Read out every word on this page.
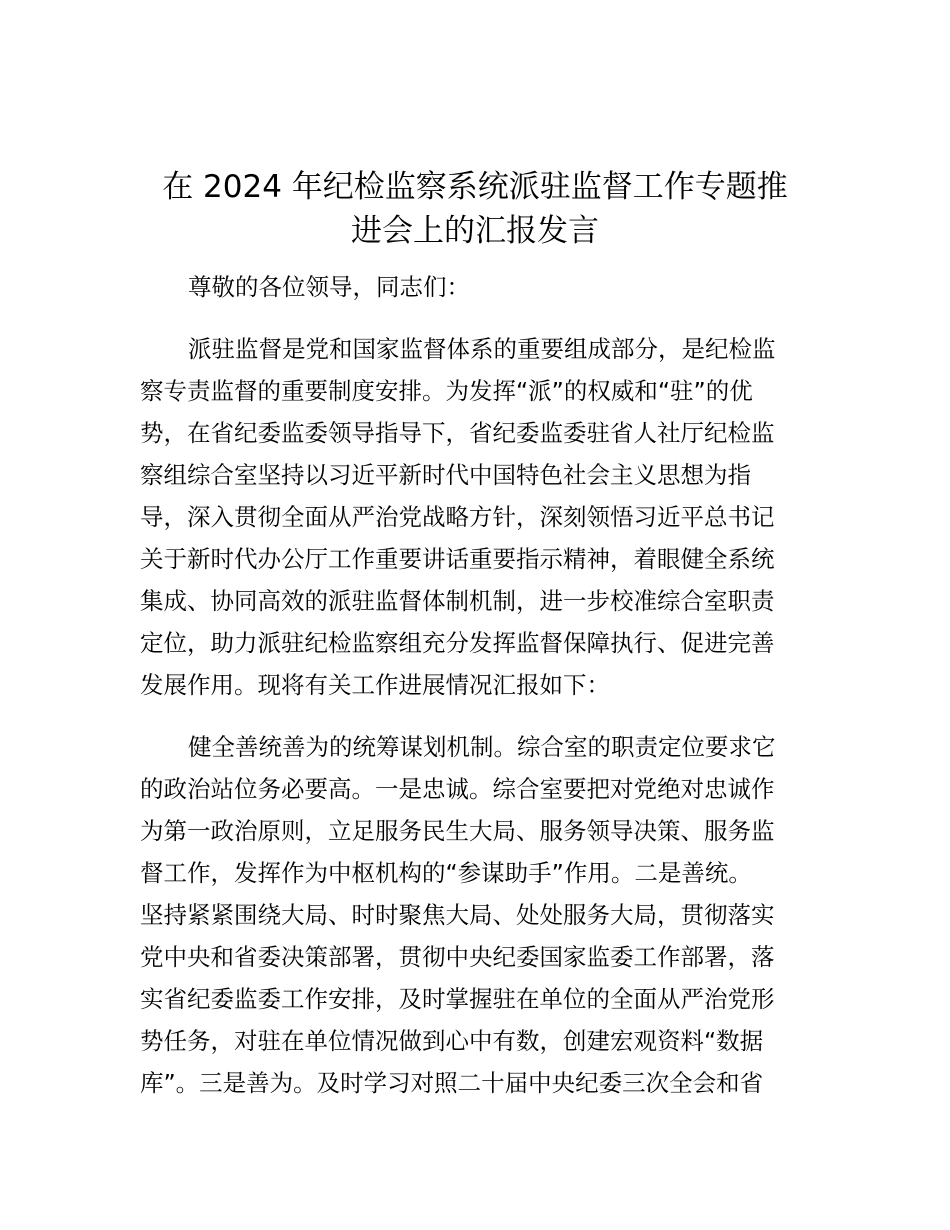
在 2024 年纪检监察系统派驻监督工作专题推
进会上的汇报发言
尊敬的各位领导，同志们：
派驻监督是党和国家监督体系的重要组成部分，是纪检监
察专责监督的重要制度安排。为发挥“派”的权威和“驻”的优
势，在省纪委监委领导指导下，省纪委监委驻省人社厅纪检监
察组综合室坚持以习近平新时代中国特色社会主义思想为指
导，深入贯彻全面从严治党战略方针，深刻领悟习近平总书记
关于新时代办公厅工作重要讲话重要指示精神，着眼健全系统
集成、协同高效的派驻监督体制机制，进一步校准综合室职责
定位，助力派驻纪检监察组充分发挥监督保障执行、促进完善
发展作用。现将有关工作进展情况汇报如下：
健全善统善为的统筹谋划机制。综合室的职责定位要求它
的政治站位务必要高。一是忠诚。综合室要把对党绝对忠诚作
为第一政治原则，立足服务民生大局、服务领导决策、服务监
督工作，发挥作为中枢机构的“参谋助手”作用。二是善统。
坚持紧紧围绕大局、时时聚焦大局、处处服务大局，贯彻落实
党中央和省委决策部署，贯彻中央纪委国家监委工作部署，落
实省纪委监委工作安排，及时掌握驻在单位的全面从严治党形
势任务，对驻在单位情况做到心中有数，创建宏观资料“数据
库”。三是善为。及时学习对照二十届中央纪委三次全会和省
